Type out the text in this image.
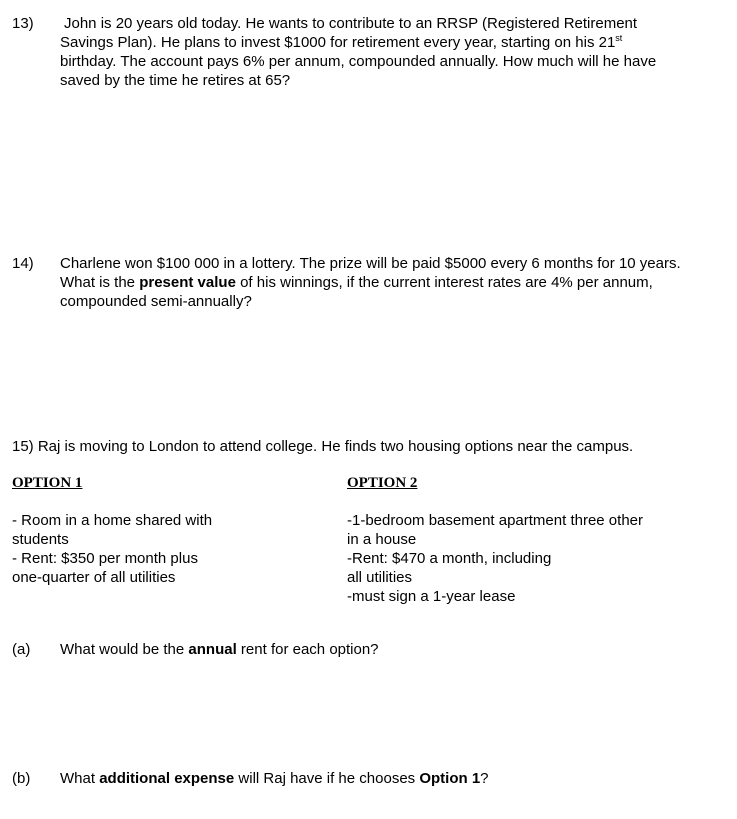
13) John is 20 years old today. He wants to contribute to an RRSP (Registered Retirement
Savings Plan). He plans to invest $1000 for retirement every year, starting on his 21st
birthday. The account pays 6% per annum, compounded annually. How much will he have
saved by the time he retires at 65?
14) Charlene won $100 000 in a lottery. The prize will be paid $5000 every 6 months for 10 years.
What is the present value of his winnings, if the current interest rates are 4% per annum,
compounded semi-annually?
15) Raj is moving to London to attend college. He finds two housing options near the campus.
OPTION 1	OPTION 2
- Room in a home shared with
students
- Rent: $350 per month plus
one-quarter of all utilities
-1-bedroom basement apartment three other
in a house
-Rent: $470 a month, including
all utilities
-must sign a 1-year lease
(a) What would be the annual rent for each option?
(b) What additional expense will Raj have if he chooses Option 1?
